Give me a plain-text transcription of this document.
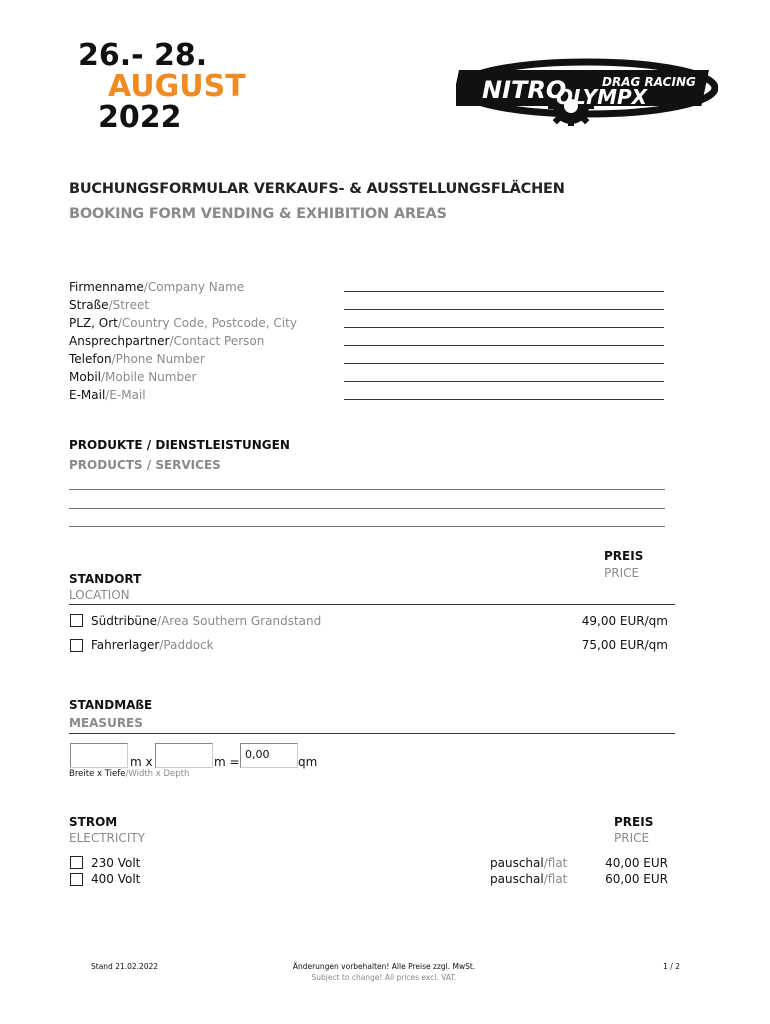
26.- 28.
AUGUST
2022
NITRO	DRAG RACING
OLYMPX
BUCHUNGSFORMULAR VERKAUFS- & AUSSTELLUNGSFLÄCHEN
BOOKING FORM VENDING & EXHIBITION AREAS
Firmenname/Company Name
Straße/Street
PLZ, Ort/Country Code, Postcode, City
Ansprechpartner/Contact Person
Telefon/Phone Number
Mobil/Mobile Number
E-Mail/E-Mail
PRODUKTE / DIENSTLEISTUNGEN
PRODUCTS / SERVICES
PREIS
PRICE
STANDORT
LOCATION
Südtribüne/Area Southern Grandstand	49,00 EUR/qm
Fahrerlager/Paddock	75,00 EUR/qm
STANDMAßE
MEASURES
m x	m =
0,00
qm
Breite x Tiefe/Width x Depth
STROM
ELECTRICITY
PREIS
PRICE
230 Volt	pauschal/flat	40,00 EUR
400 Volt	pauschal/flat	60,00 EUR
Stand 21.02.2022	Änderungen vorbehalten! Alle Preise zzgl. MwSt.
Subject to change! All prices excl. VAT.
1 / 2
